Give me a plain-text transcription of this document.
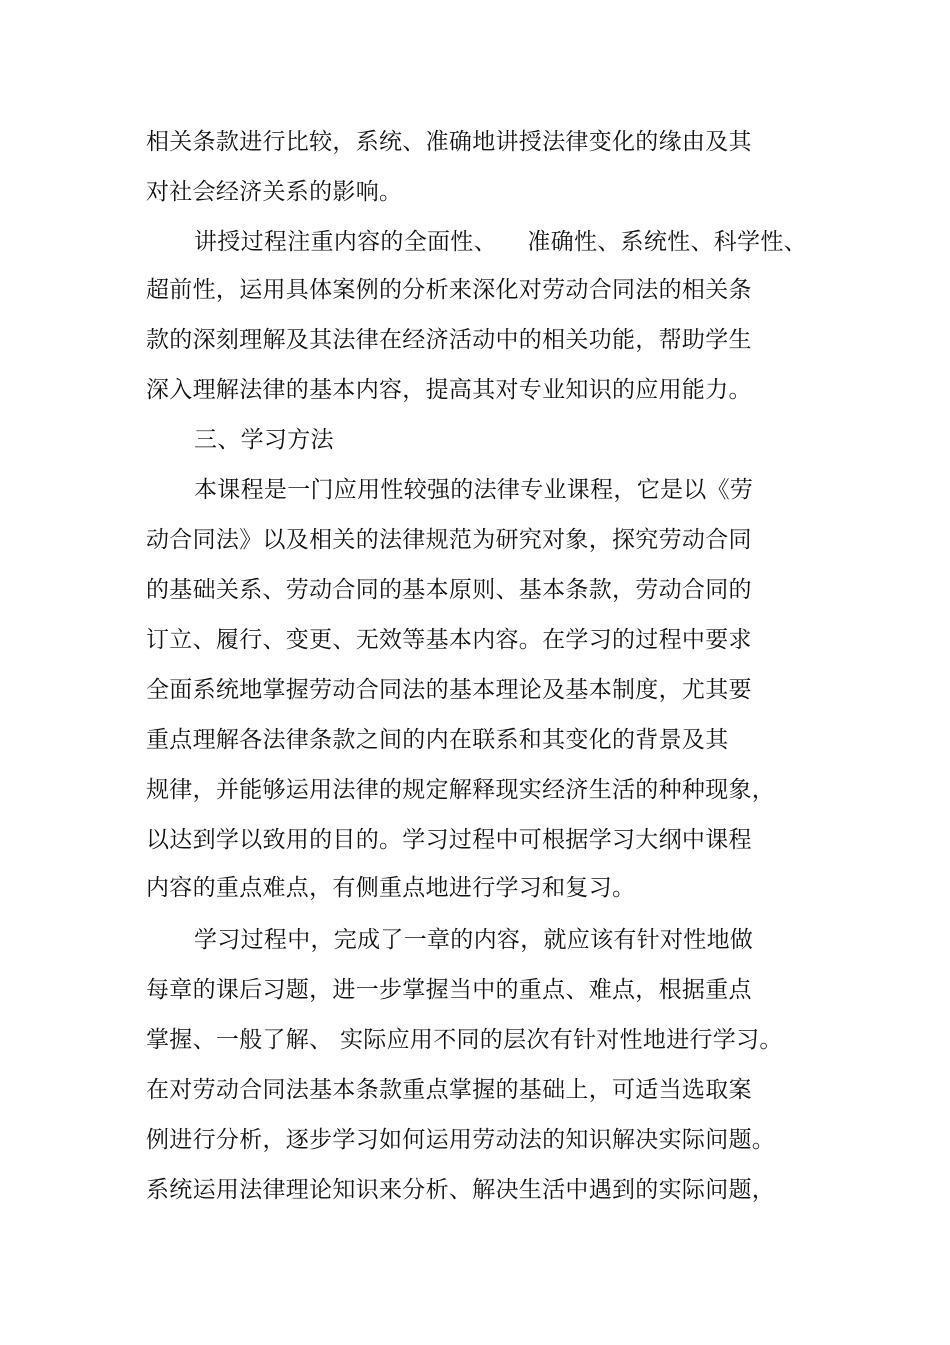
相关条款进行比较，系统、准确地讲授法律变化的缘由及其
对社会经济关系的影响。
讲授过程注重内容的全面性、    准确性、系统性、科学性、
超前性，运用具体案例的分析来深化对劳动合同法的相关条
款的深刻理解及其法律在经济活动中的相关功能，帮助学生
深入理解法律的基本内容，提高其对专业知识的应用能力。
三、学习方法
本课程是一门应用性较强的法律专业课程，它是以《劳
动合同法》以及相关的法律规范为研究对象，探究劳动合同
的基础关系、劳动合同的基本原则、基本条款，劳动合同的
订立、履行、变更、无效等基本内容。在学习的过程中要求
全面系统地掌握劳动合同法的基本理论及基本制度，尤其要
重点理解各法律条款之间的内在联系和其变化的背景及其
规律，并能够运用法律的规定解释现实经济生活的种种现象，
以达到学以致用的目的。学习过程中可根据学习大纲中课程
内容的重点难点，有侧重点地进行学习和复习。
学习过程中，完成了一章的内容，就应该有针对性地做
每章的课后习题，进一步掌握当中的重点、难点，根据重点
掌握、一般了解、 实际应用不同的层次有针对性地进行学习。
在对劳动合同法基本条款重点掌握的基础上，可适当选取案
例进行分析，逐步学习如何运用劳动法的知识解决实际问题。
系统运用法律理论知识来分析、解决生活中遇到的实际问题，
